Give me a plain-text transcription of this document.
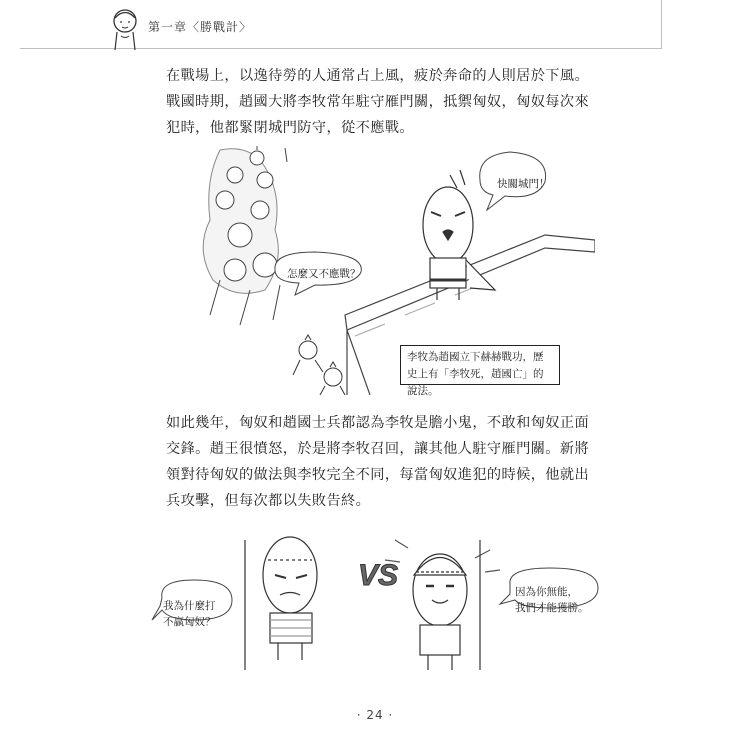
第一章〈勝戰計〉
在戰場上，以逸待勞的人通常占上風，疲於奔命的人則居於下風。戰國時期，趙國大將李牧常年駐守雁門關，抵禦匈奴，匈奴每次來犯時，他都緊閉城門防守，從不應戰。
快關城門！
怎麼又不應戰？
李牧為趙國立下赫赫戰功，歷史上有「李牧死，趙國亡」的說法。
如此幾年，匈奴和趙國士兵都認為李牧是膽小鬼，不敢和匈奴正面交鋒。趙王很憤怒，於是將李牧召回，讓其他人駐守雁門關。新將領對待匈奴的做法與李牧完全不同，每當匈奴進犯的時候，他就出兵攻擊，但每次都以失敗告終。
VS
我為什麼打
不贏匈奴？
因為你無能，
我們才能獲勝。
· 24 ·
